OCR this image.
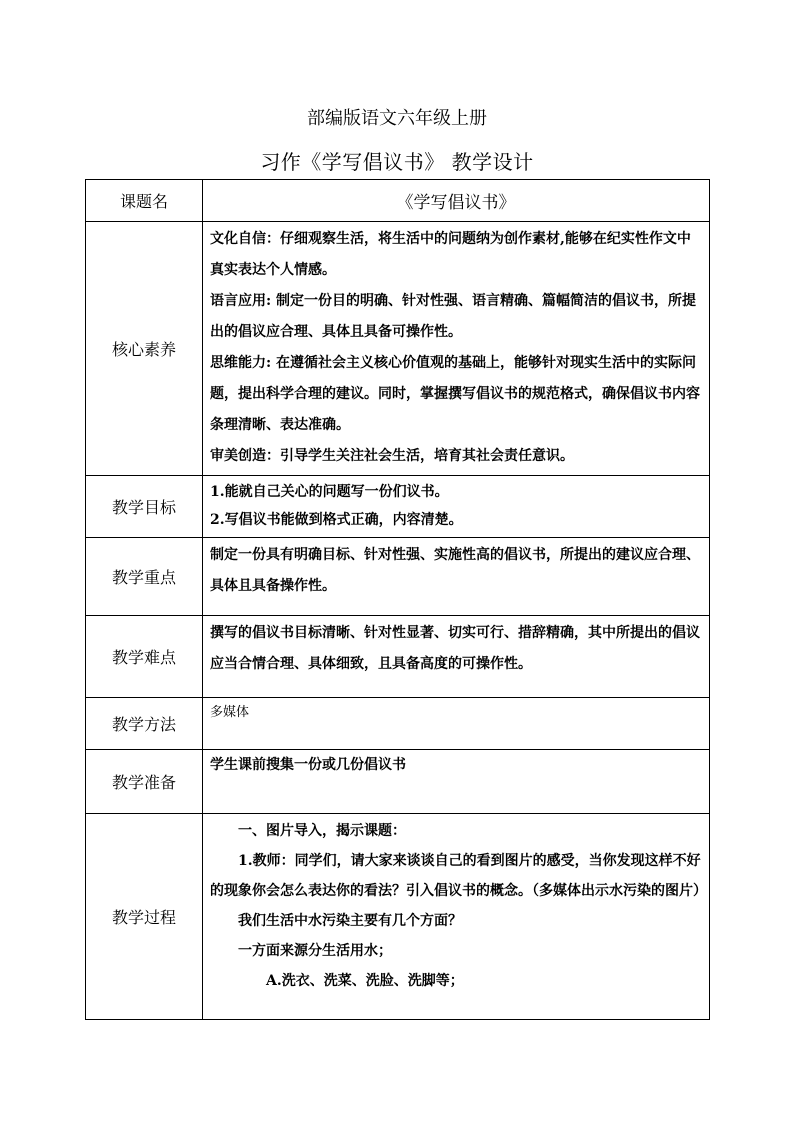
部编版语文六年级上册
习作《学写倡议书》 教学设计
课题名	《学写倡议书》
核心素养	文化自信：仔细观察生活，将生活中的问题纳为创作素材,能够在纪实性作文中真实表达个人情感。

语言应用: 制定一份目的明确、针对性强、语言精确、篇幅简洁的倡议书，所提出的倡议应合理、具体且具备可操作性。

思维能力: 在遵循社会主义核心价值观的基础上，能够针对现实生活中的实际问题，提出科学合理的建议。同时，掌握撰写倡议书的规范格式，确保倡议书内容条理清晰、表达准确。

审美创造：引导学生关注社会生活，培育其社会责任意识。

教学目标	1.能就自己关心的问题写一份们议书。

2.写倡议书能做到格式正确，内容清楚。

教学重点	制定一份具有明确目标、针对性强、实施性高的倡议书，所提出的建议应合理、具体且具备操作性。
教学难点	撰写的倡议书目标清晰、针对性显著、切实可行、措辞精确，其中所提出的倡议应当合情合理、具体细致，且具备高度的可操作性。
教学方法	多媒体
教学准备	学生课前搜集一份或几份倡议书
教学过程	一、图片导入，揭示课题：

1.教师：同学们，请大家来谈谈自己的看到图片的感受，当你发现这样不好的现象你会怎么表达你的看法？引入倡议书的概念。（多媒体出示水污染的图片）

我们生活中水污染主要有几个方面？

一方面来源分生活用水；

A.洗衣、洗菜、洗脸、洗脚等；
